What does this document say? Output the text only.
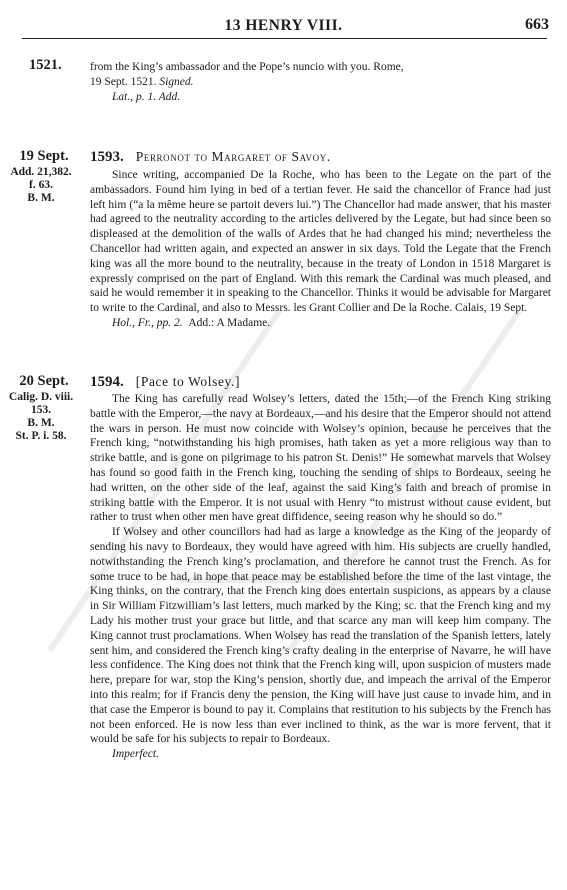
13 HENRY VIII.	663
1521. from the King’s ambassador and the Pope’s nuncio with you. Rome,

19 Sept. 1521. Signed.

Lat., p. 1. Add.

19 Sept.
Add. 21,382.
f. 63.
B. M.
1593. Perronot to Margaret of Savoy.

Since writing, accompanied De la Roche, who has been to the Legate on the part of the ambassadors. Found him lying in bed of a tertian fever. He said the chancellor of France had just left him (“a la même heure se partoit devers lui.”) The Chancellor had made answer, that his master had agreed to the neutrality according to the articles delivered by the Legate, but had since been so displeased at the demolition of the walls of Ardes that he had changed his mind; nevertheless the Chancellor had written again, and expected an answer in six days. Told the Legate that the French king was all the more bound to the neutrality, because in the treaty of London in 1518 Margaret is expressly comprised on the part of England. With this remark the Cardinal was much pleased, and said he would remember it in speaking to the Chancellor. Thinks it would be advisable for Margaret to write to the Cardinal, and also to Messrs. les Grant Collier and De la Roche. Calais, 19 Sept.

Hol., Fr., pp. 2. Add.: A Madame.

20 Sept.
Calig. D. viii.
153.
B. M.
St. P. i. 58.
1594. [Pace to Wolsey.]

The King has carefully read Wolsey’s letters, dated the 15th;—of the French King striking battle with the Emperor,—the navy at Bordeaux,—and his desire that the Emperor should not attend the wars in person. He must now coincide with Wolsey’s opinion, because he perceives that the French king, “notwithstanding his high promises, hath taken as yet a more religious way than to strike battle, and is gone on pilgrimage to his patron St. Denis!” He somewhat marvels that Wolsey has found so good faith in the French king, touching the sending of ships to Bordeaux, seeing he had written, on the other side of the leaf, against the said King’s faith and breach of promise in striking battle with the Emperor. It is not usual with Henry “to mistrust without cause evident, but rather to trust when other men have great diffidence, seeing reason why he should so do.”

If Wolsey and other councillors had had as large a knowledge as the King of the jeopardy of sending his navy to Bordeaux, they would have agreed with him. His subjects are cruelly handled, notwithstanding the French king’s proclamation, and therefore he cannot trust the French. As for some truce to be had, in hope that peace may be established before the time of the last vintage, the King thinks, on the contrary, that the French king does entertain suspicions, as appears by a clause in Sir William Fitzwilliam’s last letters, much marked by the King; sc. that the French king and my Lady his mother trust your grace but little, and that scarce any man will keep him company. The King cannot trust proclamations. When Wolsey has read the translation of the Spanish letters, lately sent him, and considered the French king’s crafty dealing in the enterprise of Navarre, he will have less confidence. The King does not think that the French king will, upon suspicion of musters made here, prepare for war, stop the King’s pension, shortly due, and impeach the arrival of the Emperor into this realm; for if Francis deny the pension, the King will have just cause to invade him, and in that case the Emperor is bound to pay it. Complains that restitution to his subjects by the French has not been enforced. He is now less than ever inclined to think, as the war is more fervent, that it would be safe for his subjects to repair to Bordeaux.

Imperfect.
